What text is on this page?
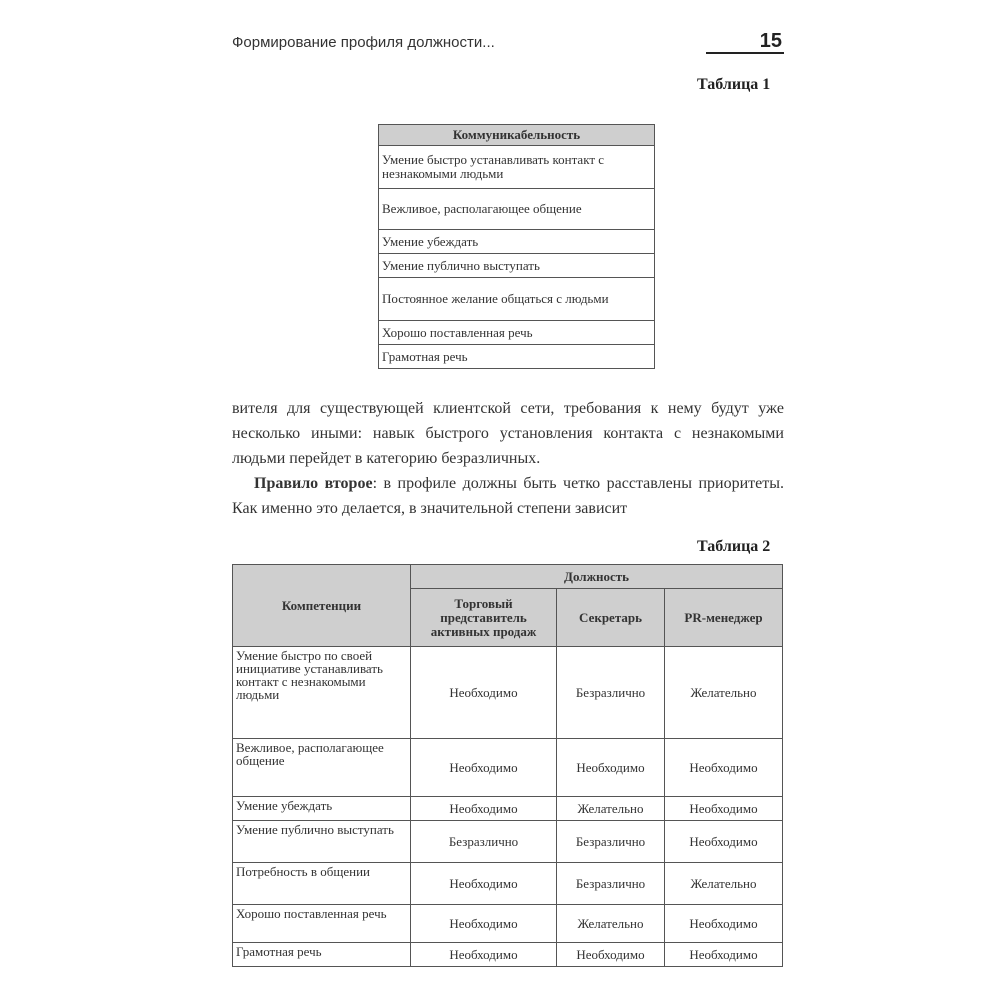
Формирование профиля должности...	15
Таблица 1
Коммуникабельность
Умение быстро устанавливать контакт с незнакомыми людьми
Вежливое, располагающее общение
Умение убеждать
Умение публично выступать
Постоянное желание общаться с людьми
Хорошо поставленная речь
Грамотная речь

вителя для существующей клиентской сети, требования к нему будут уже несколько иными: навык быстрого установления контакта с незнакомыми людьми перейдет в категорию безразличных.

Правило второе: в профиле должны быть четко расставлены приоритеты. Как именно это делается, в значительной степени зависит

Таблица 2
Компетенции	Должность		
	Торговый представитель активных продаж	Секретарь	PR-менеджер
Умение быстро по своей инициативе устанавливать контакт с незнакомыми людьми	Необходимо	Безразлично	Желательно
Вежливое, располагающее общение	Необходимо	Необходимо	Необходимо
Умение убеждать	Необходимо	Желательно	Необходимо
Умение публично выступать	Безразлично	Безразлично	Необходимо
Потребность в общении	Необходимо	Безразлично	Желательно
Хорошо поставленная речь	Необходимо	Желательно	Необходимо
Грамотная речь	Необходимо	Необходимо	Необходимо
